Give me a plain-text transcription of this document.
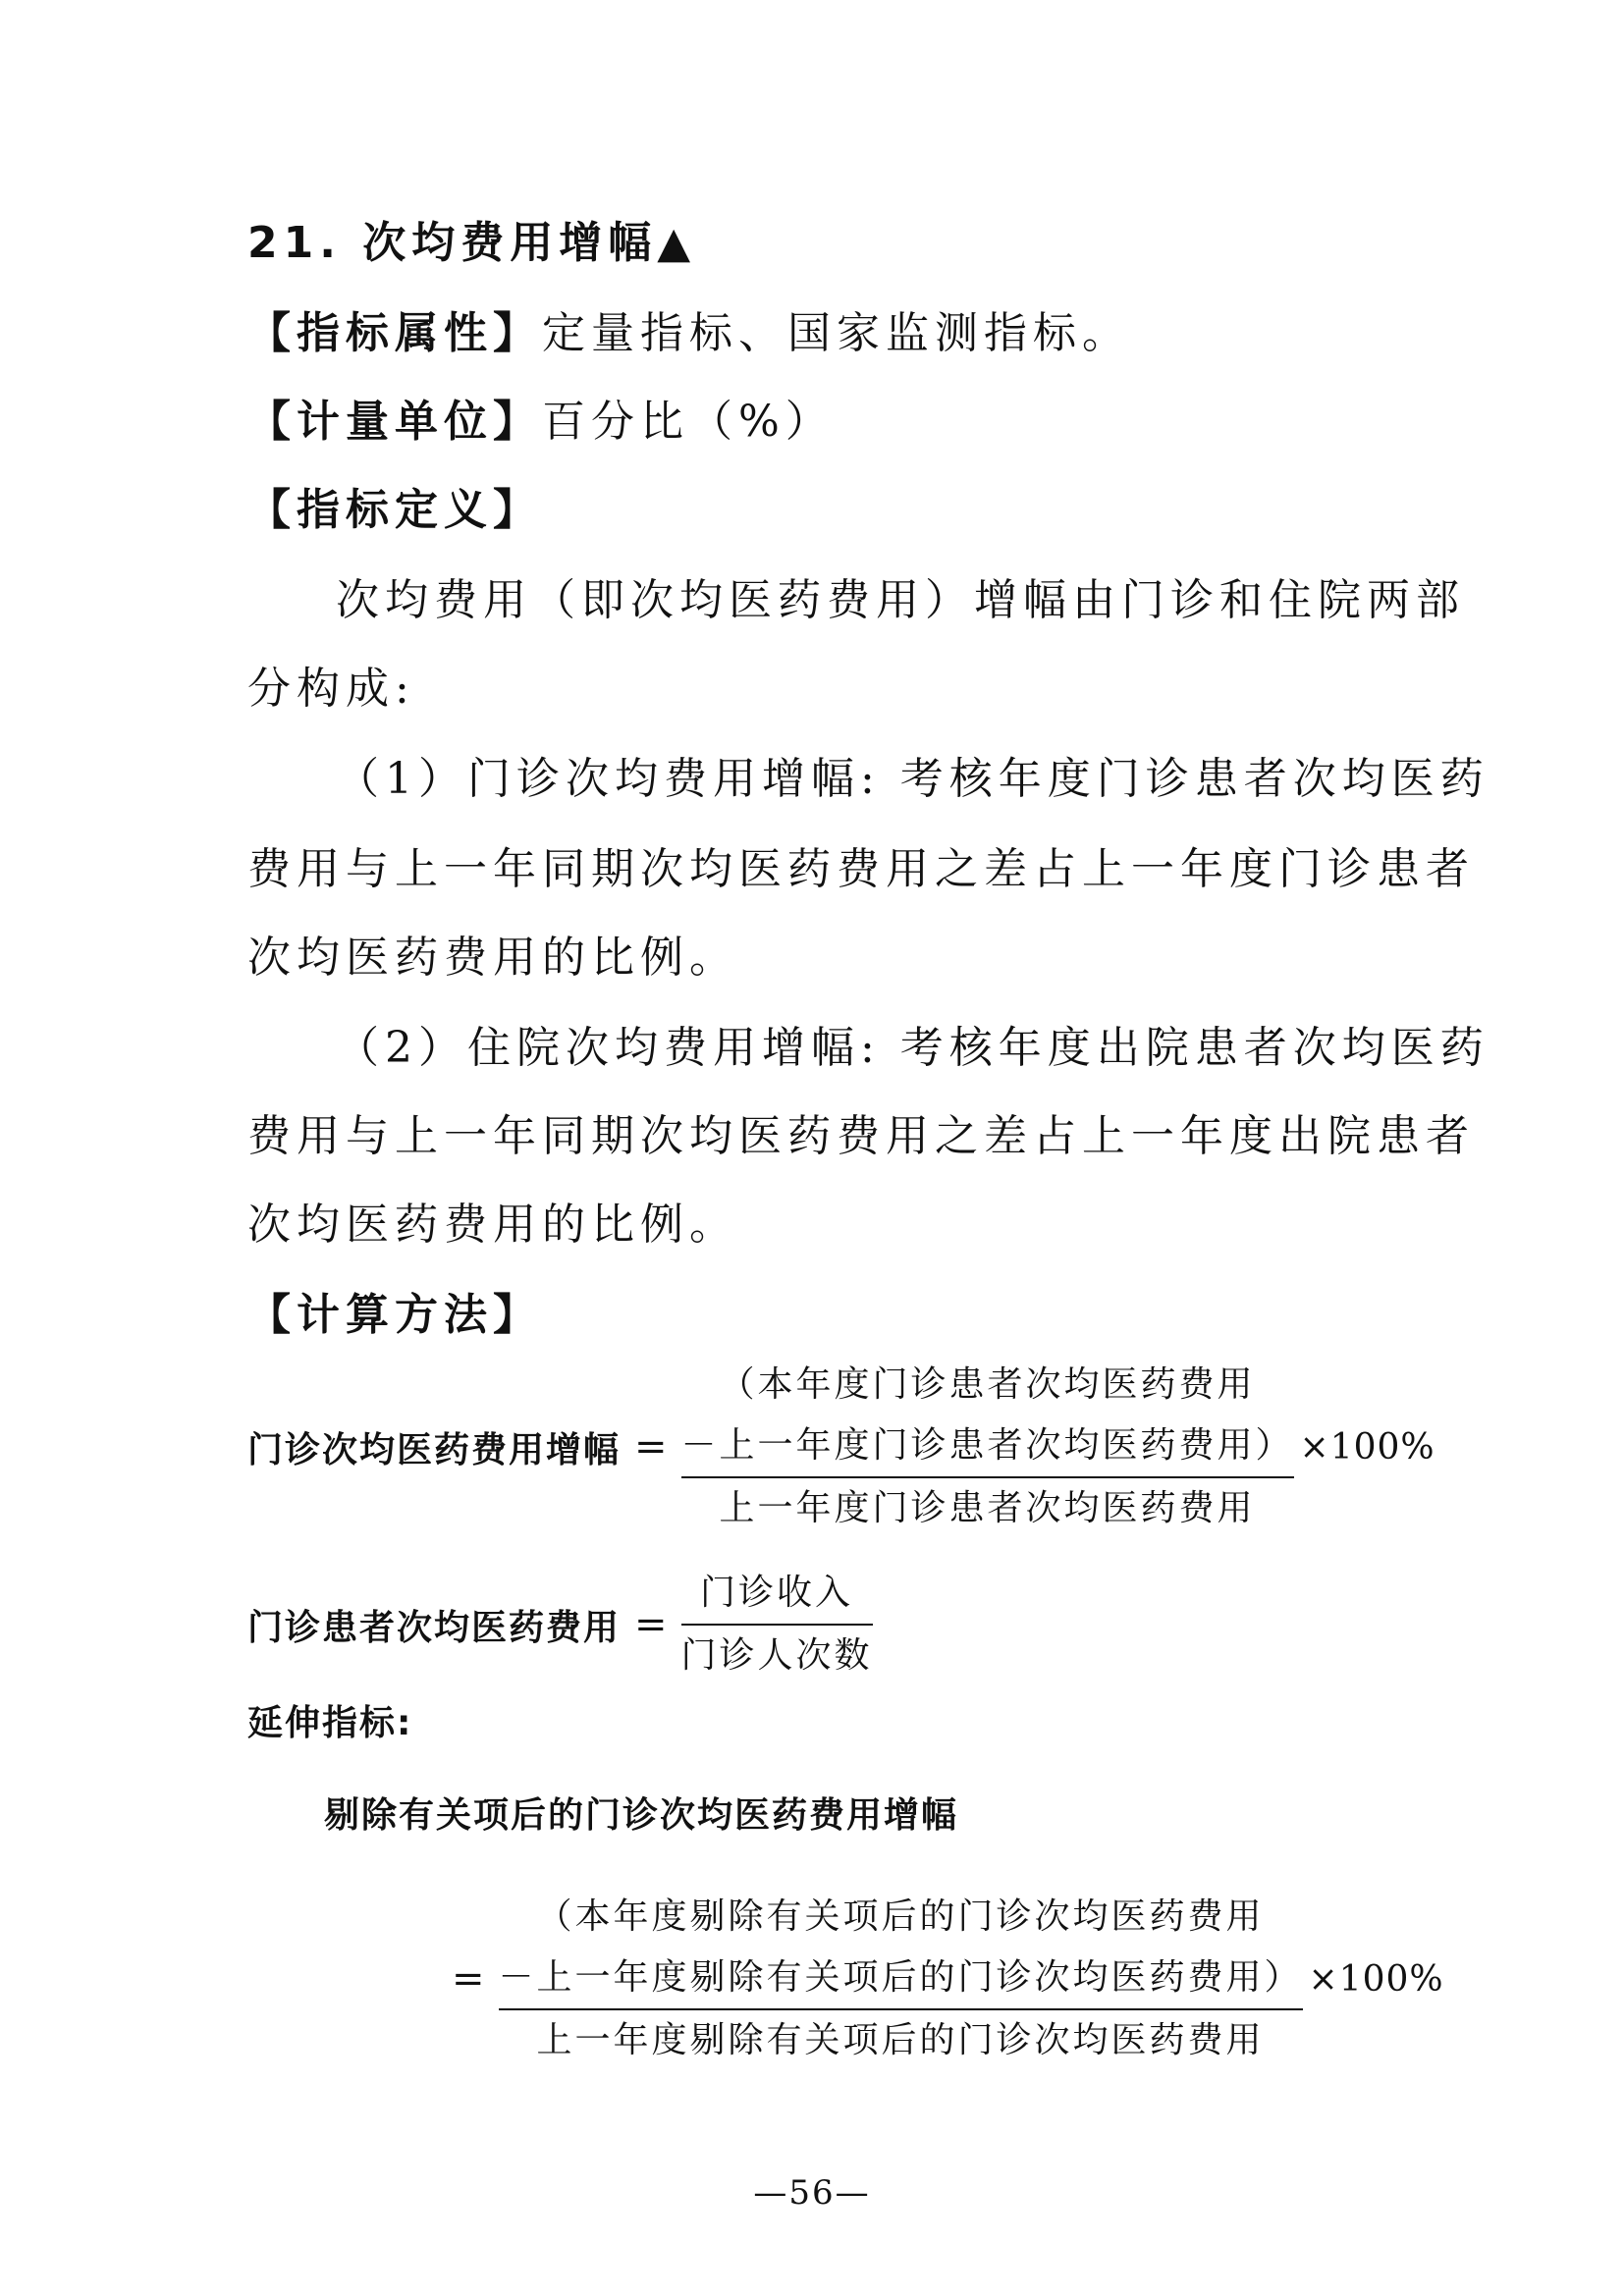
21. 次均费用增幅▲
【指标属性】定量指标、国家监测指标。
【计量单位】百分比（%）
【指标定义】
次均费用（即次均医药费用）增幅由门诊和住院两部
分构成:
（1）门诊次均费用增幅: 考核年度门诊患者次均医药
费用与上一年同期次均医药费用之差占上一年度门诊患者
次均医药费用的比例。
（2）住院次均费用增幅: 考核年度出院患者次均医药
费用与上一年同期次均医药费用之差占上一年度出院患者
次均医药费用的比例。
【计算方法】
门诊次均医药费用增幅 = （本年度门诊患者次均医药费用
－上一年度门诊患者次均医药费用）
上一年度门诊患者次均医药费用 ×100%
门诊患者次均医药费用 = $\frac{\text{门诊收入}}{\text{门诊人次数}}$
延伸指标:
剔除有关项后的门诊次均医药费用增幅
= （本年度剔除有关项后的门诊次均医药费用
－上一年度剔除有关项后的门诊次均医药费用）
上一年度剔除有关项后的门诊次均医药费用 ×100%
—56—
